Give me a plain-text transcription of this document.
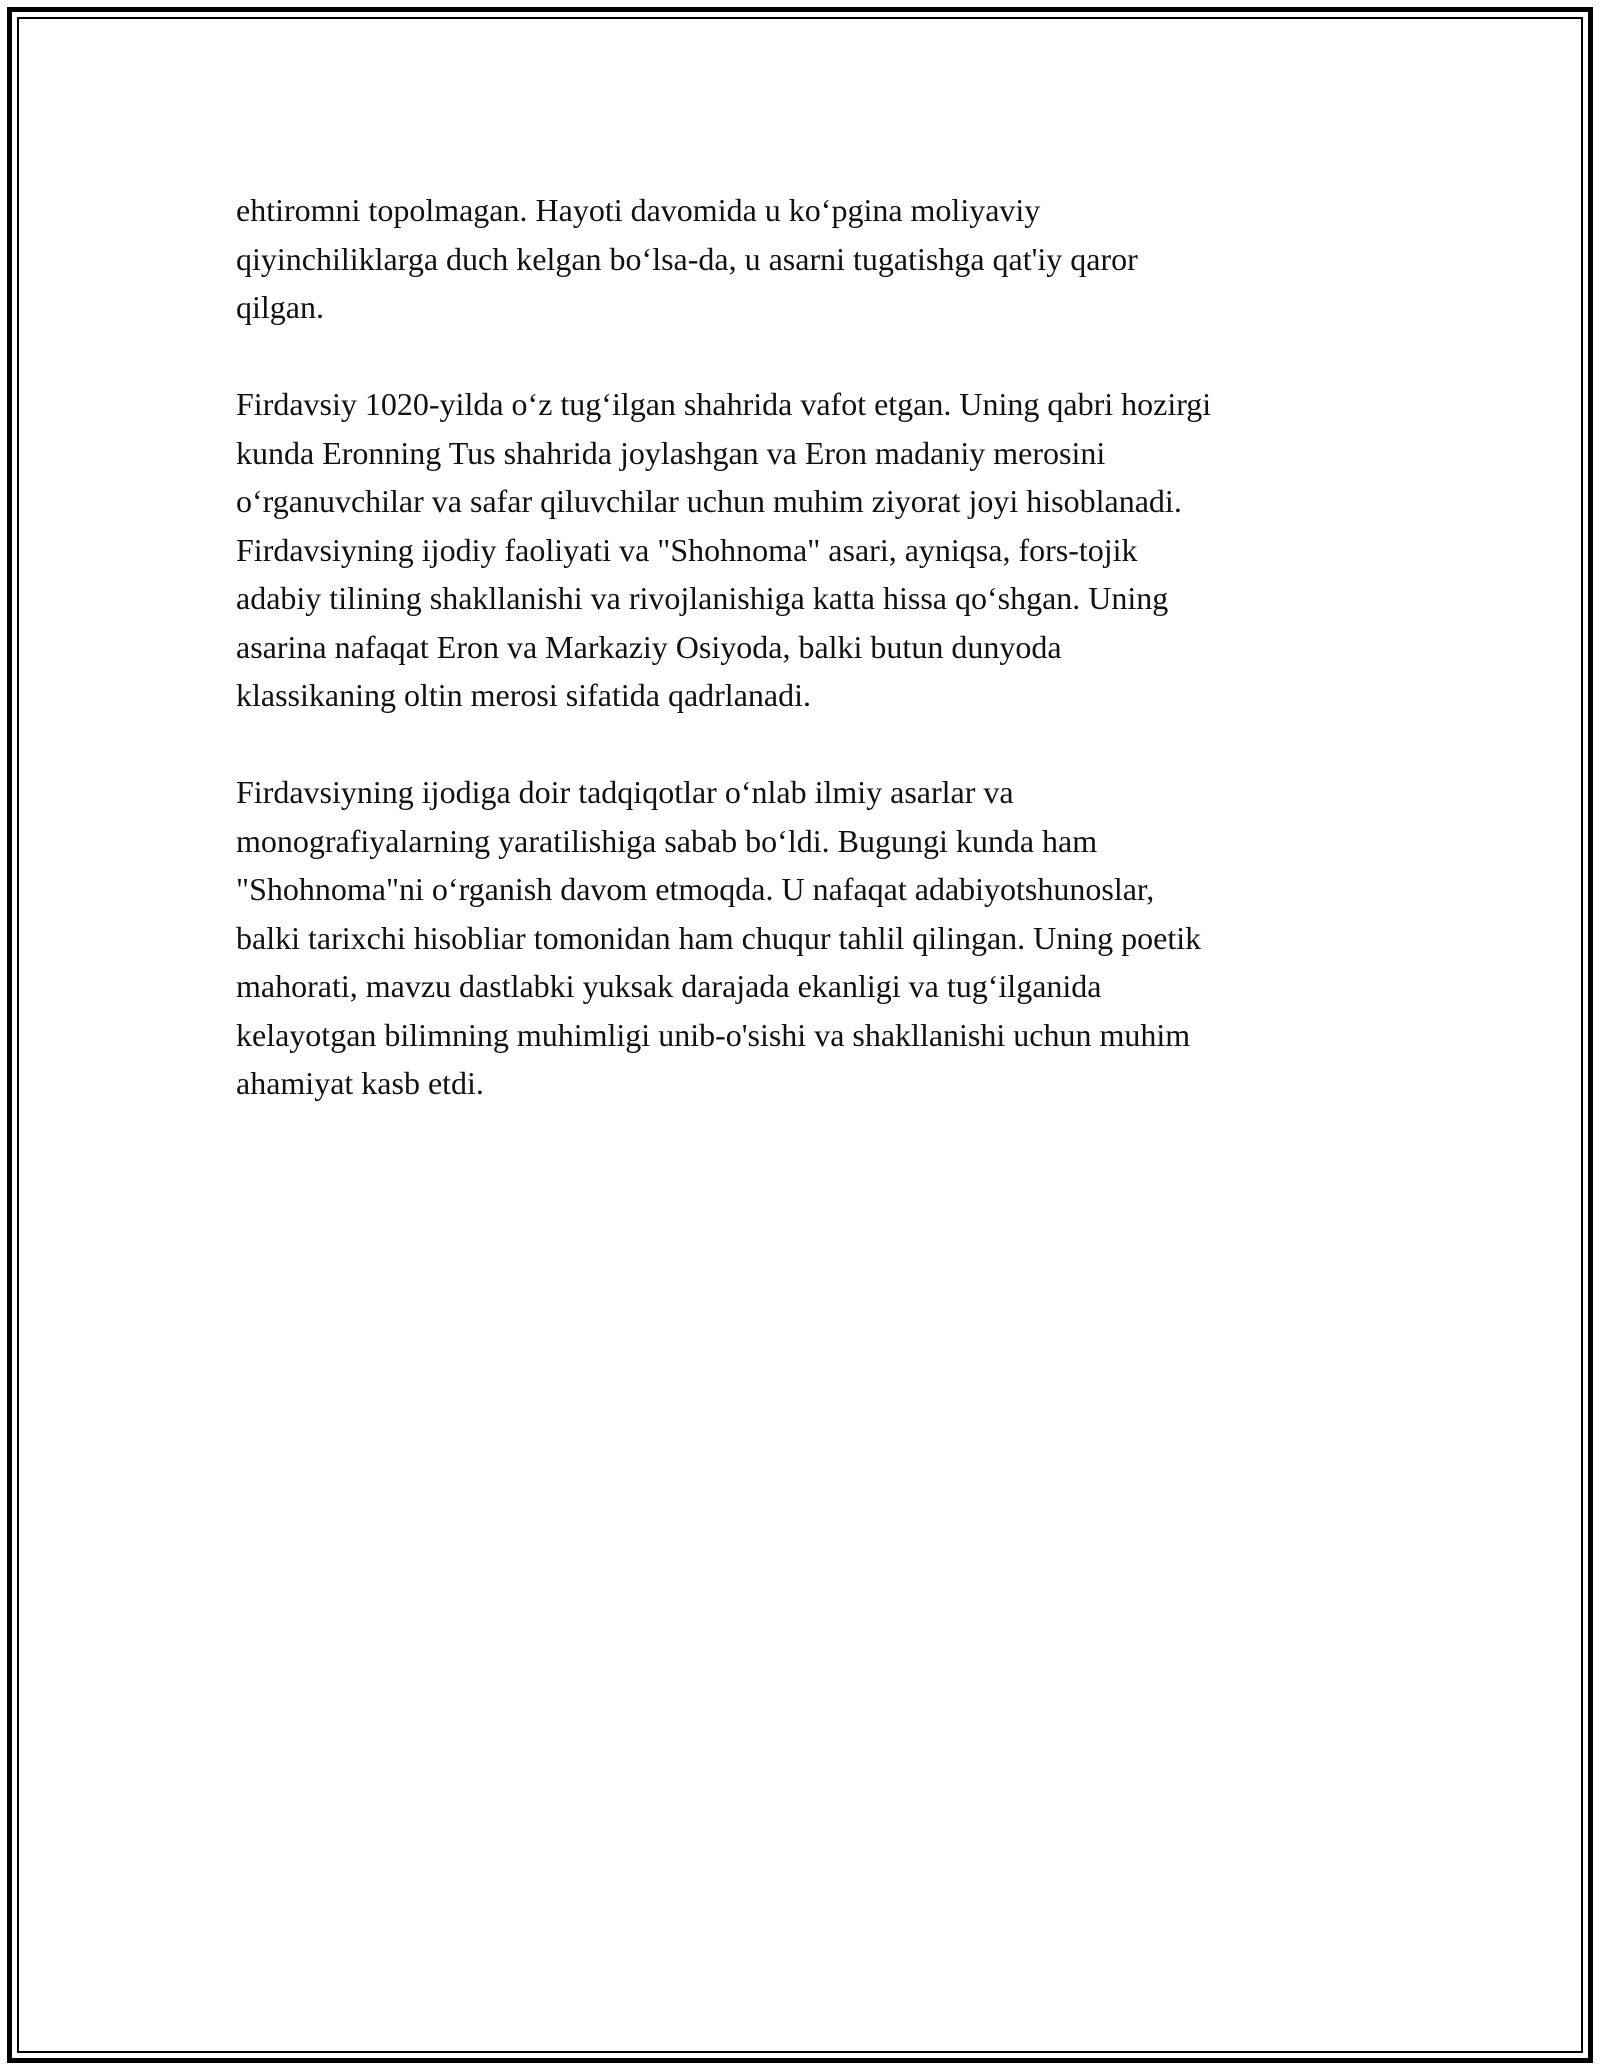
ehtiromni topolmagan. Hayoti davomida u ko‘pgina moliyaviy
qiyinchiliklarga duch kelgan bo‘lsa-da, u asarni tugatishga qat'iy qaror
qilgan.

Firdavsiy 1020-yilda o‘z tug‘ilgan shahrida vafot etgan. Uning qabri hozirgi
kunda Eronning Tus shahrida joylashgan va Eron madaniy merosini
o‘rganuvchilar va safar qiluvchilar uchun muhim ziyorat joyi hisoblanadi.
Firdavsiyning ijodiy faoliyati va "Shohnoma" asari, ayniqsa, fors-tojik
adabiy tilining shakllanishi va rivojlanishiga katta hissa qo‘shgan. Uning
asarina nafaqat Eron va Markaziy Osiyoda, balki butun dunyoda
klassikaning oltin merosi sifatida qadrlanadi.

Firdavsiyning ijodiga doir tadqiqotlar o‘nlab ilmiy asarlar va
monografiyalarning yaratilishiga sabab bo‘ldi. Bugungi kunda ham
"Shohnoma"ni o‘rganish davom etmoqda. U nafaqat adabiyotshunoslar,
balki tarixchi hisobliar tomonidan ham chuqur tahlil qilingan. Uning poetik
mahorati, mavzu dastlabki yuksak darajada ekanligi va tug‘ilganida
kelayotgan bilimning muhimligi unib-o'sishi va shakllanishi uchun muhim
ahamiyat kasb etdi.
